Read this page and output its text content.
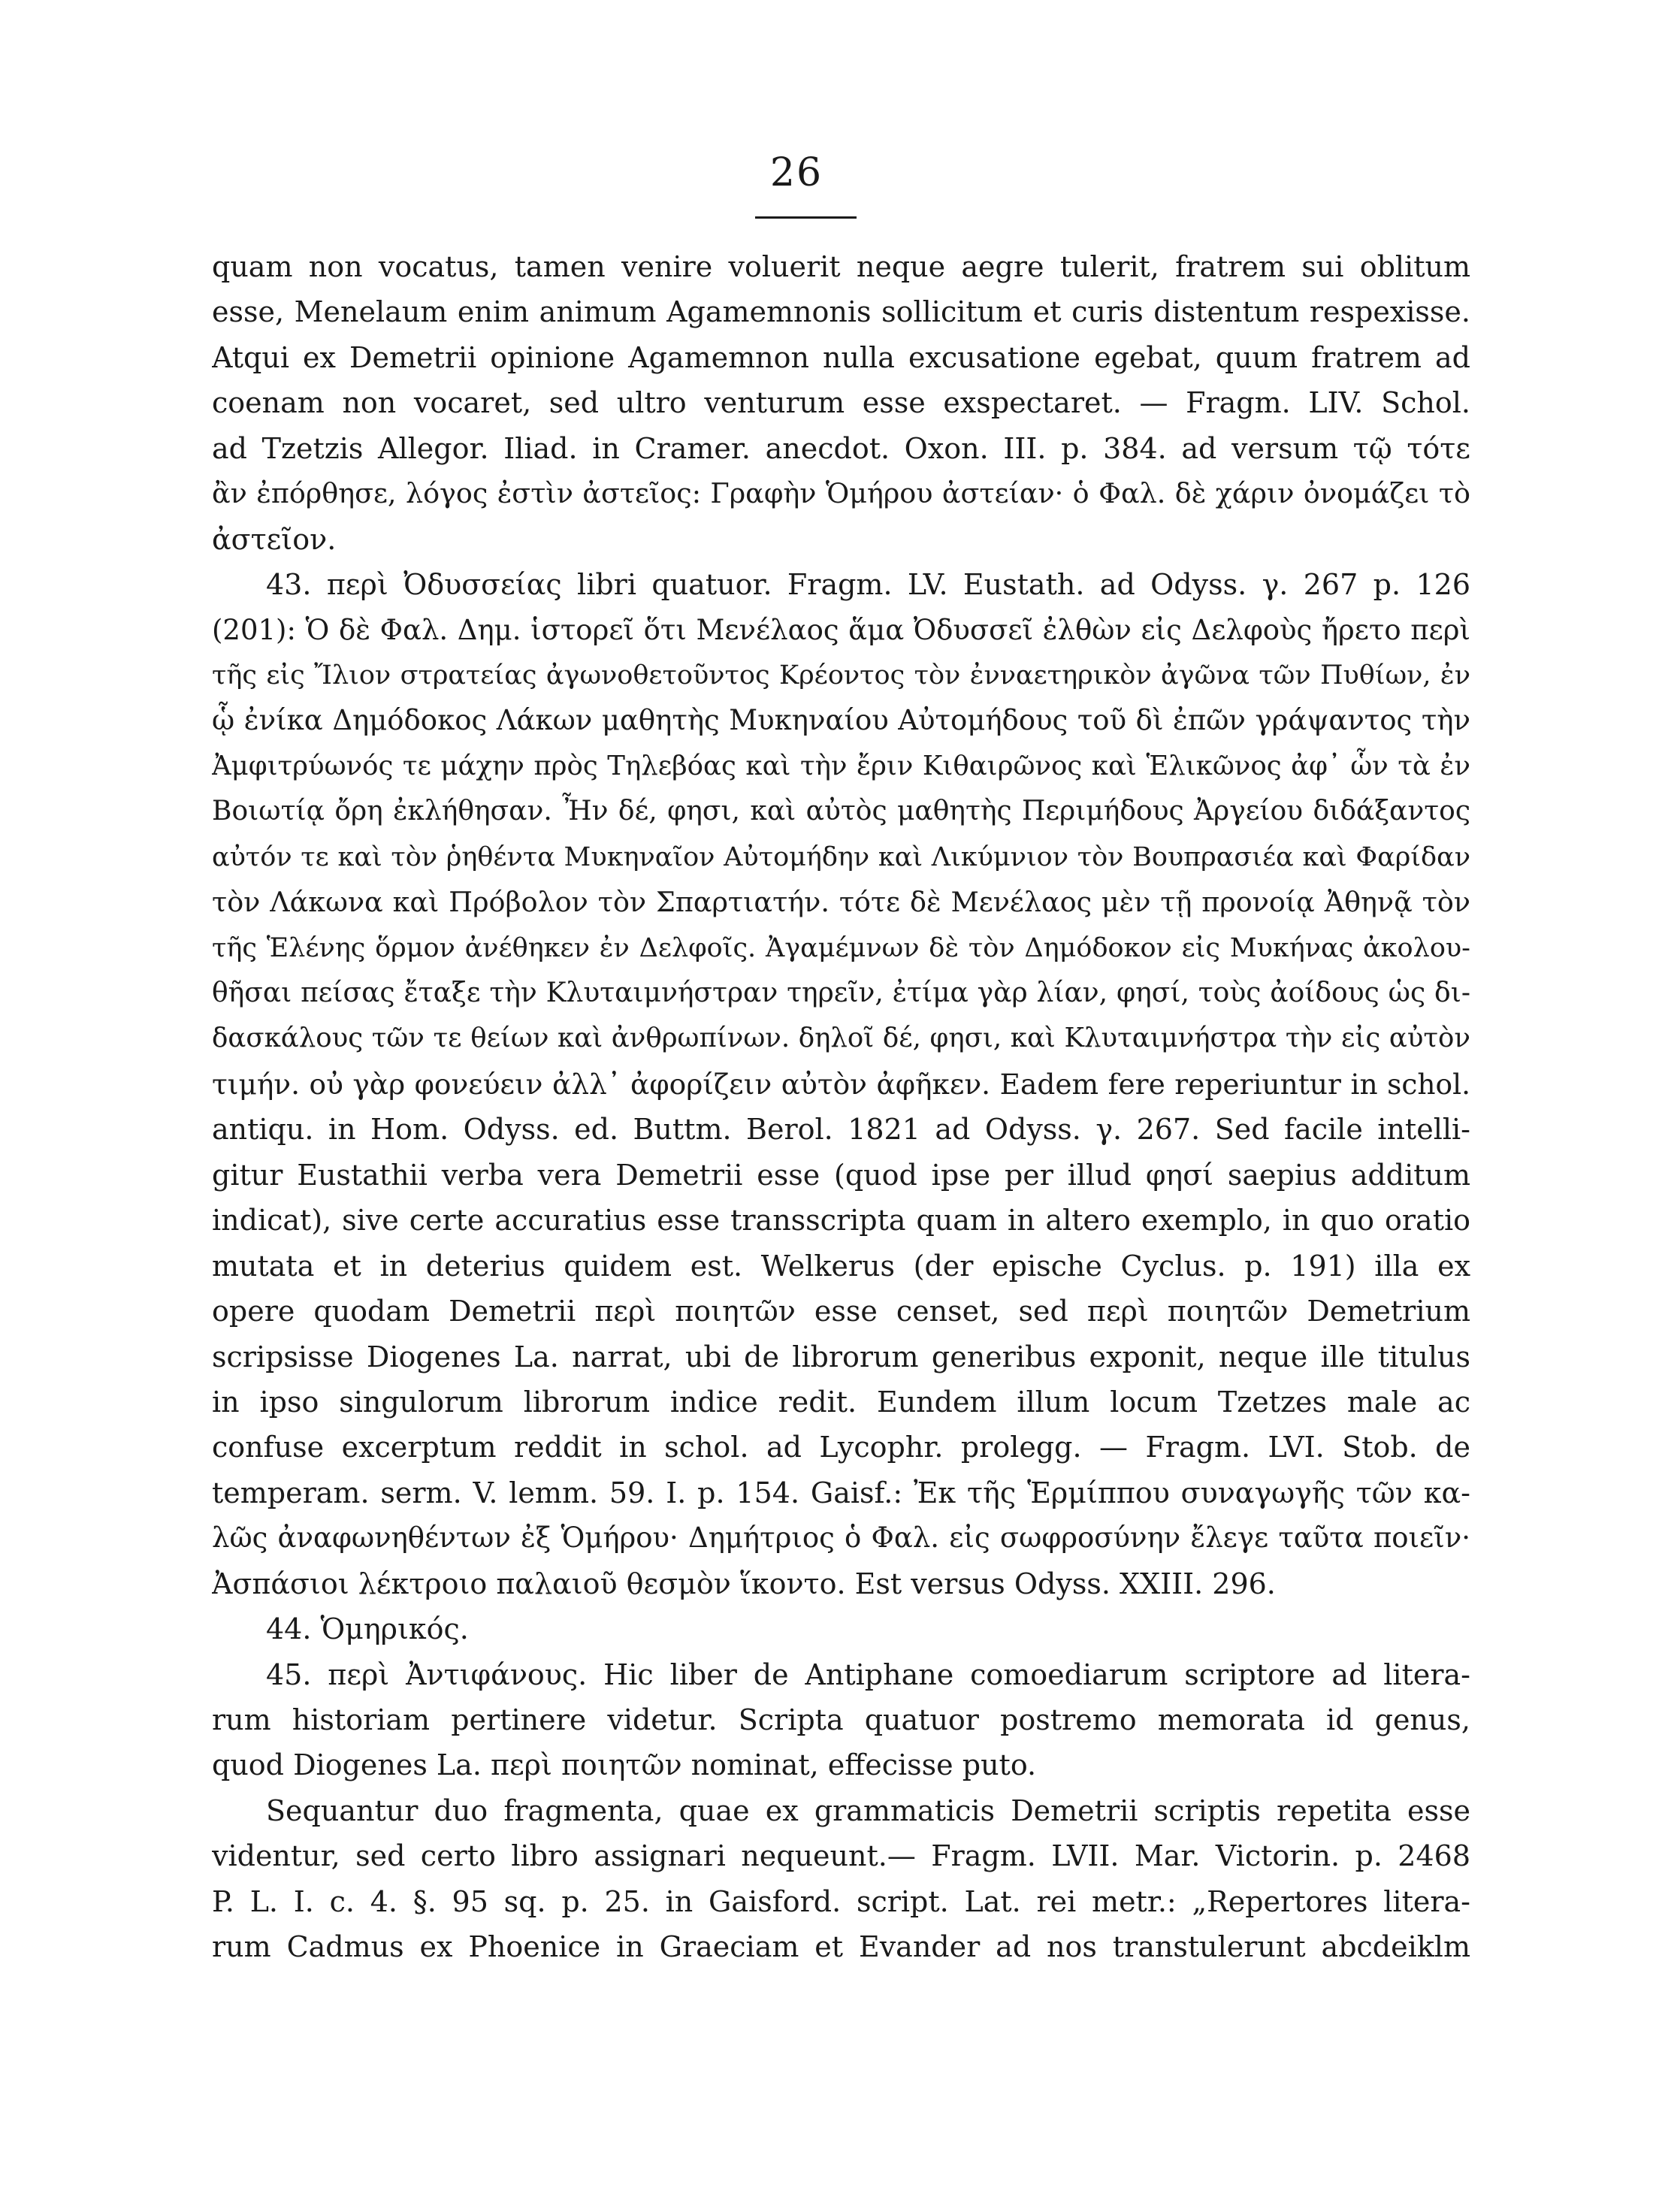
26
quam non vocatus, tamen venire voluerit neque aegre tulerit, fratrem sui oblitum
esse, Menelaum enim animum Agamemnonis sollicitum et curis distentum respexisse.
Atqui ex Demetrii opinione Agamemnon nulla excusatione egebat, quum fratrem ad
coenam non vocaret, sed ultro venturum esse exspectaret. — Fragm. LIV. Schol.
ad Tzetzis Allegor. Iliad. in Cramer. anecdot. Oxon. III. p. 384. ad versum τῷ τότε
ἂν ἐπόρθησε, λόγος ἐστὶν ἀστεῖος: Γραφὴν Ὁμήρου ἀστείαν· ὁ Φαλ. δὲ χάριν ὀνομάζει τὸ
ἀστεῖον.
43. περὶ Ὀδυσσείας libri quatuor. Fragm. LV. Eustath. ad Odyss. γ. 267 p. 126
(201): Ὁ δὲ Φαλ. Δημ. ἱστορεῖ ὅτι Μενέλαος ἅμα Ὀδυσσεῖ ἐλθὼν εἰς Δελφοὺς ἤρετο περὶ
τῆς εἰς Ἴλιον στρατείας ἀγωνοθετοῦντος Κρέοντος τὸν ἐνναετηρικὸν ἀγῶνα τῶν Πυθίων, ἐν
ᾧ ἐνίκα Δημόδοκος Λάκων μαθητὴς Μυκηναίου Αὐτομήδους τοῦ δὶ ἐπῶν γράψαντος τὴν
Ἀμφιτρύωνός τε μάχην πρὸς Τηλεβόας καὶ τὴν ἔριν Κιθαιρῶνος καὶ Ἑλικῶνος ἀφ᾽ ὧν τὰ ἐν
Βοιωτίᾳ ὄρη ἐκλήθησαν. Ἦν δέ, φησι, καὶ αὐτὸς μαθητὴς Περιμήδους Ἀργείου διδάξαντος
αὐτόν τε καὶ τὸν ῥηθέντα Μυκηναῖον Αὐτομήδην καὶ Λικύμνιον τὸν Βουπρασιέα καὶ Φαρίδαν
τὸν Λάκωνα καὶ Πρόβολον τὸν Σπαρτιατήν. τότε δὲ Μενέλαος μὲν τῇ προνοίᾳ Ἀθηνᾷ τὸν
τῆς Ἑλένης ὅρμον ἀνέθηκεν ἐν Δελφοῖς. Ἀγαμέμνων δὲ τὸν Δημόδοκον εἰς Μυκήνας ἀκολου-
θῆσαι πείσας ἔταξε τὴν Κλυταιμνήστραν τηρεῖν, ἐτίμα γὰρ λίαν, φησί, τοὺς ἀοίδους ὡς δι-
δασκάλους τῶν τε θείων καὶ ἀνθρωπίνων. δηλοῖ δέ, φησι, καὶ Κλυταιμνήστρα τὴν εἰς αὐτὸν
τιμήν. οὐ γὰρ φονεύειν ἀλλ᾽ ἀφορίζειν αὐτὸν ἀφῆκεν. Eadem fere reperiuntur in schol.
antiqu. in Hom. Odyss. ed. Buttm. Berol. 1821 ad Odyss. γ. 267. Sed facile intelli-
gitur Eustathii verba vera Demetrii esse (quod ipse per illud φησί saepius additum
indicat), sive certe accuratius esse transscripta quam in altero exemplo, in quo oratio
mutata et in deterius quidem est. Welkerus (der epische Cyclus. p. 191) illa ex
opere quodam Demetrii περὶ ποιητῶν esse censet, sed περὶ ποιητῶν Demetrium
scripsisse Diogenes La. narrat, ubi de librorum generibus exponit, neque ille titulus
in ipso singulorum librorum indice redit. Eundem illum locum Tzetzes male ac
confuse excerptum reddit in schol. ad Lycophr. prolegg. — Fragm. LVI. Stob. de
temperam. serm. V. lemm. 59. I. p. 154. Gaisf.: Ἐκ τῆς Ἑρμίππου συναγωγῆς τῶν κα-
λῶς ἀναφωνηθέντων ἐξ Ὁμήρου· Δημήτριος ὁ Φαλ. εἰς σωφροσύνην ἔλεγε ταῦτα ποιεῖν·
Ἀσπάσιοι λέκτροιο παλαιοῦ θεσμὸν ἵκοντο. Est versus Odyss. XXIII. 296.
44. Ὁμηρικός.
45. περὶ Ἀντιφάνους. Hic liber de Antiphane comoediarum scriptore ad litera-
rum historiam pertinere videtur. Scripta quatuor postremo memorata id genus,
quod Diogenes La. περὶ ποιητῶν nominat, effecisse puto.
Sequantur duo fragmenta, quae ex grammaticis Demetrii scriptis repetita esse
videntur, sed certo libro assignari nequeunt.— Fragm. LVII. Mar. Victorin. p. 2468
P. L. I. c. 4. §. 95 sq. p. 25. in Gaisford. script. Lat. rei metr.: „Repertores litera-
rum Cadmus ex Phoenice in Graeciam et Evander ad nos transtulerunt abcdeiklm
